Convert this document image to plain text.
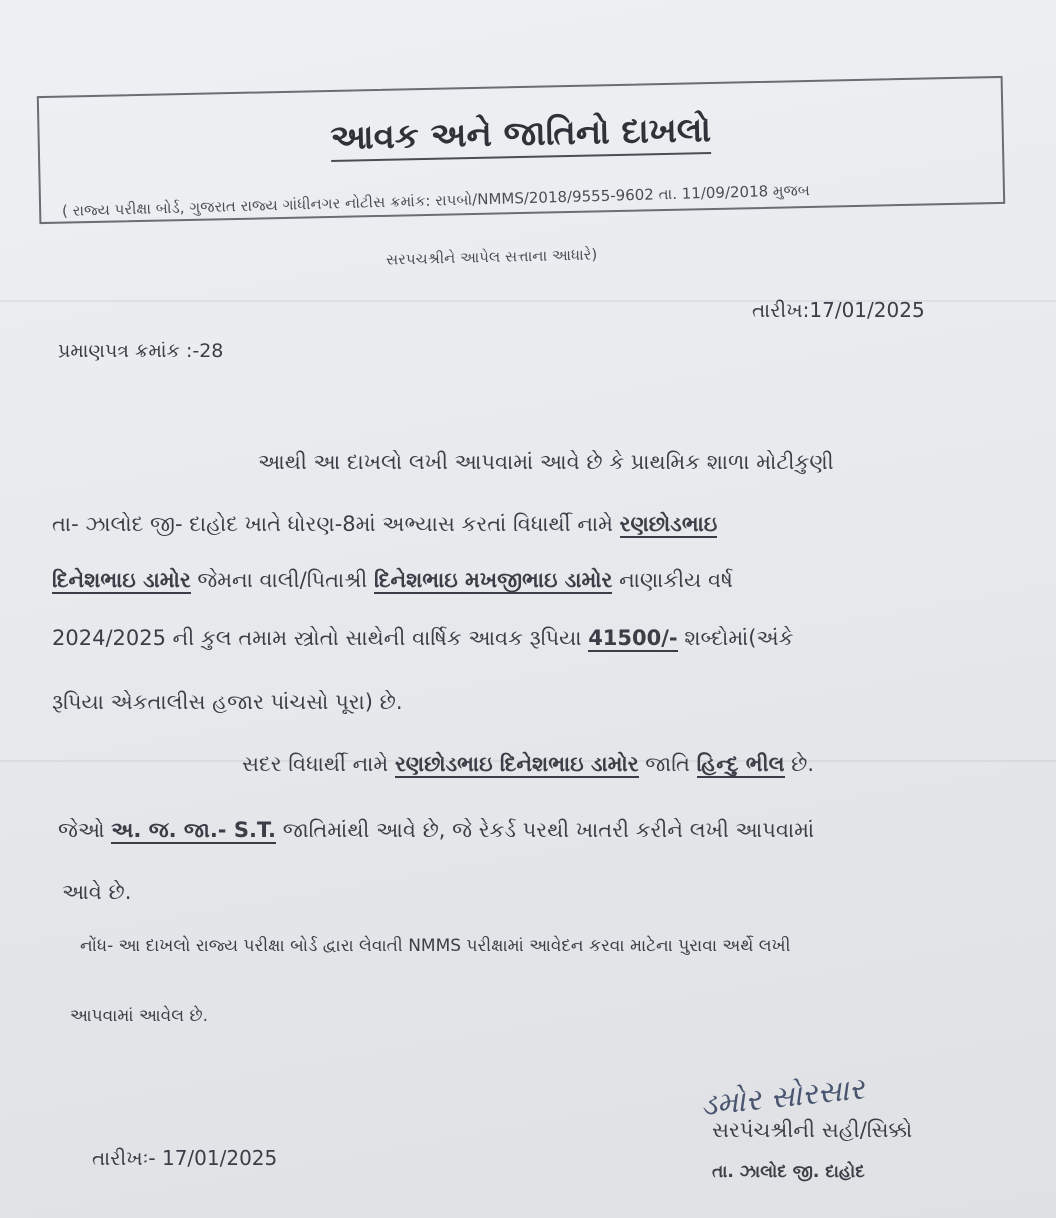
આવક અને જાતિનો દાખલો
( રાજ્ય પરીક્ષા બોર્ડ, ગુજરાત રાજ્ય ગાંધીનગર નોટીસ ક્રમાંક: રાપબો/NMMS/2018/9555-9602 તા. 11/09/2018 મુજબ
સરપચશ્રીને આપેલ સત્તાના આધારે)
તારીખ:17/01/2025
પ્રમાણપત્ર ક્રમાંક :-28
આથી આ દાખલો લખી આપવામાં આવે છે કે પ્રાથમિક શાળા મોટીકુણી
તા- ઝાલોદ જી- દાહોદ ખાતે ધોરણ-8માં અભ્યાસ કરતાં વિધાર્થી નામે રણછોડભાઇ
દિનેશભાઇ ડામોર જેમના વાલી/પિતાશ્રી દિનેશભાઇ મખજીભાઇ ડામોર નાણાકીય વર્ષ
2024/2025 ની કુલ તમામ સ્ત્રોતો સાથેની વાર્ષિક આવક રૂપિયા 41500/- શબ્દોમાં(અંકે
રૂપિયા એકતાલીસ હજાર પાંચસો પૂરા) છે.
સદર વિધાર્થી નામે રણછોડભાઇ દિનેશભાઇ ડામોર જાતિ હિન્દુ ભીલ છે.
જેઓ અ. જ. જા.- S.T. જાતિમાંથી આવે છે, જે રેકર્ડ પરથી ખાતરી કરીને લખી આપવામાં
આવે છે.
નોંધ- આ દાખલો રાજ્ય પરીક્ષા બોર્ડ દ્વારા લેવાતી NMMS પરીક્ષામાં આવેદન કરવા માટેના પુરાવા અર્થે લખી
આપવામાં આવેલ છે.
ડમોર સોરસાર
સરપંચશ્રીની સહી/સિક્કો
તા. ઝાલોદ જી. દાહોદ
તારીખઃ- 17/01/2025
